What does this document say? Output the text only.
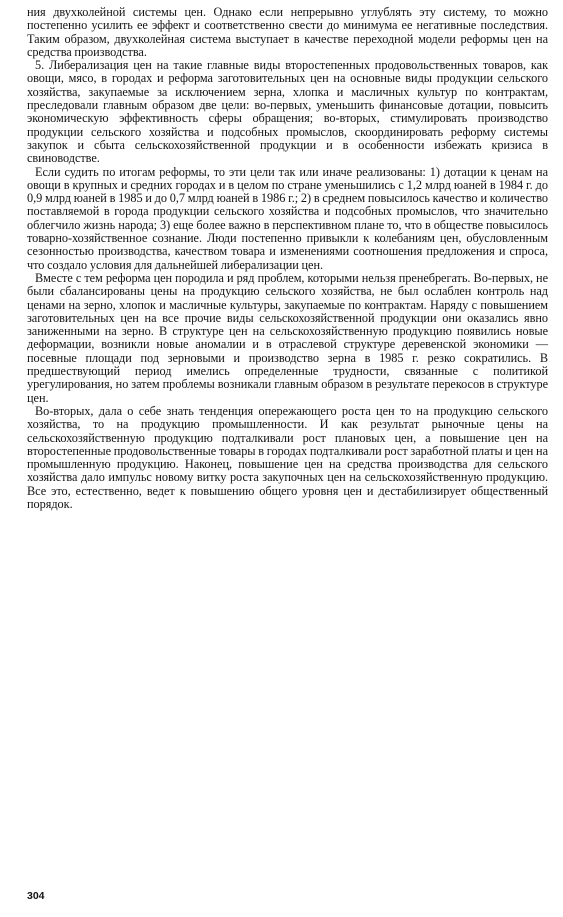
ния двухколейной системы цен. Однако если непрерывно углублять эту систему, то можно постепенно усилить ее эффект и соответственно свести до минимума ее негативные последствия. Таким образом, двухколейная система выступает в качестве переходной модели реформы цен на средства производства.

5. Либерализация цен на такие главные виды второстепенных продовольственных товаров, как овощи, мясо, в городах и реформа заготовительных цен на основные виды продукции сельского хозяйства, закупаемые за исключением зерна, хлопка и масличных культур по контрактам, преследовали главным образом две цели: во-первых, уменьшить финансовые дотации, повысить экономическую эффективность сферы обращения; во-вторых, стимулировать производство продукции сельского хозяйства и подсобных промыслов, скоординировать реформу системы закупок и сбыта сельскохозяйственной продукции и в особенности избежать кризиса в свиноводстве.

Если судить по итогам реформы, то эти цели так или иначе реализованы: 1) дотации к ценам на овощи в крупных и средних городах и в целом по стране уменьшились с 1,2 млрд юаней в 1984 г. до 0,9 млрд юаней в 1985 и до 0,7 млрд юаней в 1986 г.; 2) в среднем повысилось качество и количество поставляемой в города продукции сельского хозяйства и подсобных промыслов, что значительно облегчило жизнь народа; 3) еще более важно в перспективном плане то, что в обществе повысилось товарно-хозяйственное сознание. Люди постепенно привыкли к колебаниям цен, обусловленным сезонностью производства, качеством товара и изменениями соотношения предложения и спроса, что создало условия для дальнейшей либерализации цен.

Вместе с тем реформа цен породила и ряд проблем, которыми нельзя пренебрегать. Во-первых, не были сбалансированы цены на продукцию сельского хозяйства, не был ослаблен контроль над ценами на зерно, хлопок и масличные культуры, закупаемые по контрактам. Наряду с повышением заготовительных цен на все прочие виды сельскохозяйственной продукции они оказались явно заниженными на зерно. В структуре цен на сельскохозяйственную продукцию появились новые деформации, возникли новые аномалии и в отраслевой структуре деревенской экономики — посевные площади под зерновыми и производство зерна в 1985 г. резко сократились. В предшествующий период имелись определенные трудности, связанные с политикой урегулирования, но затем проблемы возникали главным образом в результате перекосов в структуре цен.

Во-вторых, дала о себе знать тенденция опережающего роста цен то на продукцию сельского хозяйства, то на продукцию промышленности. И как результат рыночные цены на сельскохозяйственную продукцию подталкивали рост плановых цен, а повышение цен на второстепенные продовольственные товары в городах подталкивали рост заработной платы и цен на промышленную продукцию. Наконец, повышение цен на средства производства для сельского хозяйства дало импульс новому витку роста закупочных цен на сельскохозяйственную продукцию. Все это, естественно, ведет к повышению общего уровня цен и дестабилизирует общественный порядок.

304
